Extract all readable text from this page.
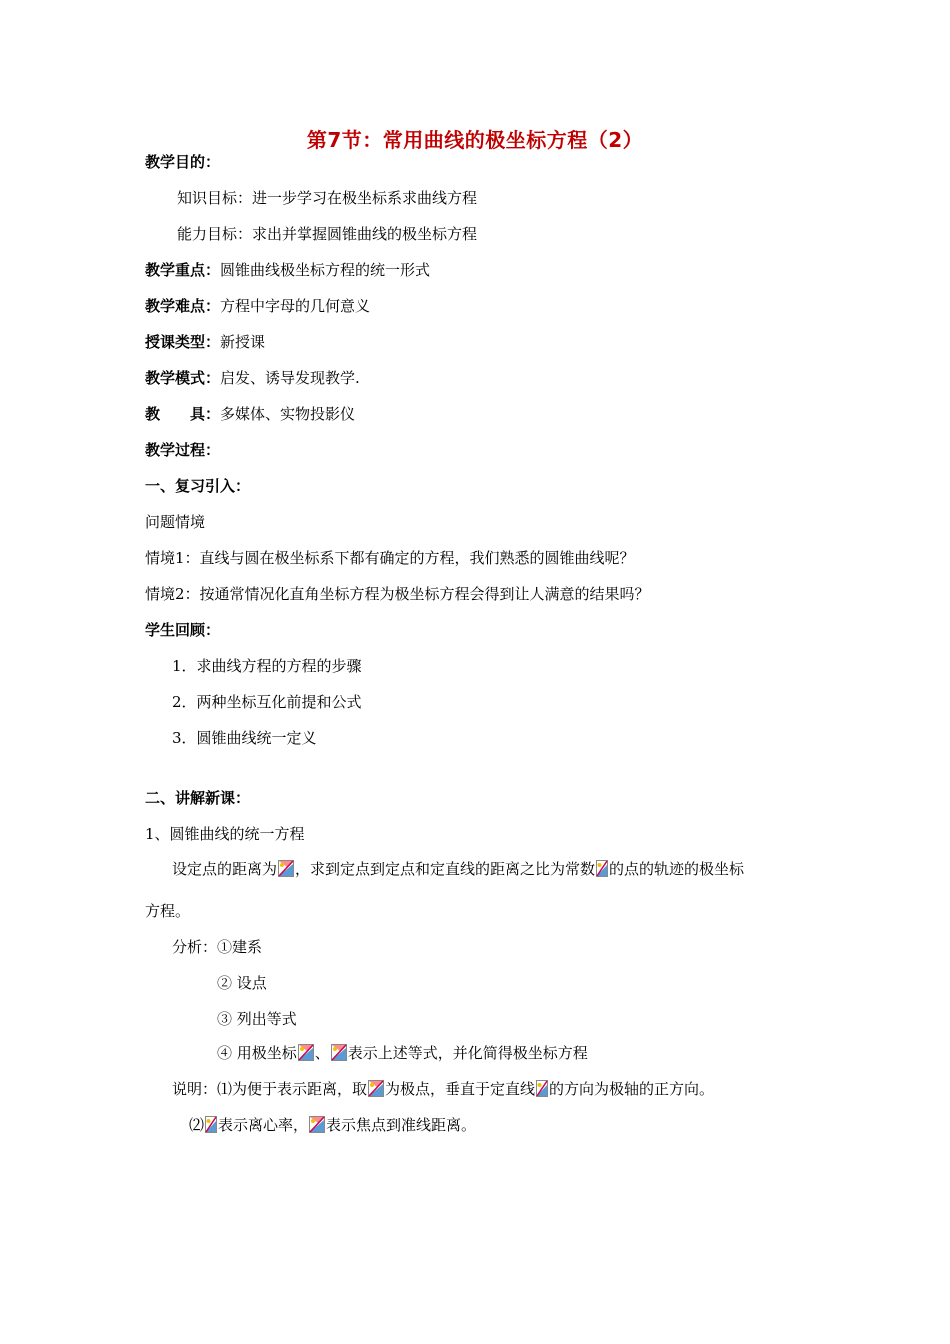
第7节：常用曲线的极坐标方程（2）
教学目的：
知识目标：进一步学习在极坐标系求曲线方程
能力目标：求出并掌握圆锥曲线的极坐标方程
教学重点：圆锥曲线极坐标方程的统一形式
教学难点：方程中字母的几何意义
授课类型：新授课
教学模式：启发、诱导发现教学.
教　　具：多媒体、实物投影仪
教学过程：
一、复习引入：
问题情境
情境1：直线与圆在极坐标系下都有确定的方程，我们熟悉的圆锥曲线呢？
情境2：按通常情况化直角坐标方程为极坐标方程会得到让人满意的结果吗？
学生回顾：
1．求曲线方程的方程的步骤
2．两种坐标互化前提和公式
3．圆锥曲线统一定义
二、讲解新课：
1、圆锥曲线的统一方程
设定点的距离为 ，求到定点到定点和定直线的距离之比为常数 的点的轨迹的极坐标
方程。
分析：①建系
② 设点
③ 列出等式
④ 用极坐标 、 表示上述等式，并化简得极坐标方程
说明：⑴为便于表示距离，取 为极点，垂直于定直线 的方向为极轴的正方向。
⑵ 表示离心率， 表示焦点到准线距离。
